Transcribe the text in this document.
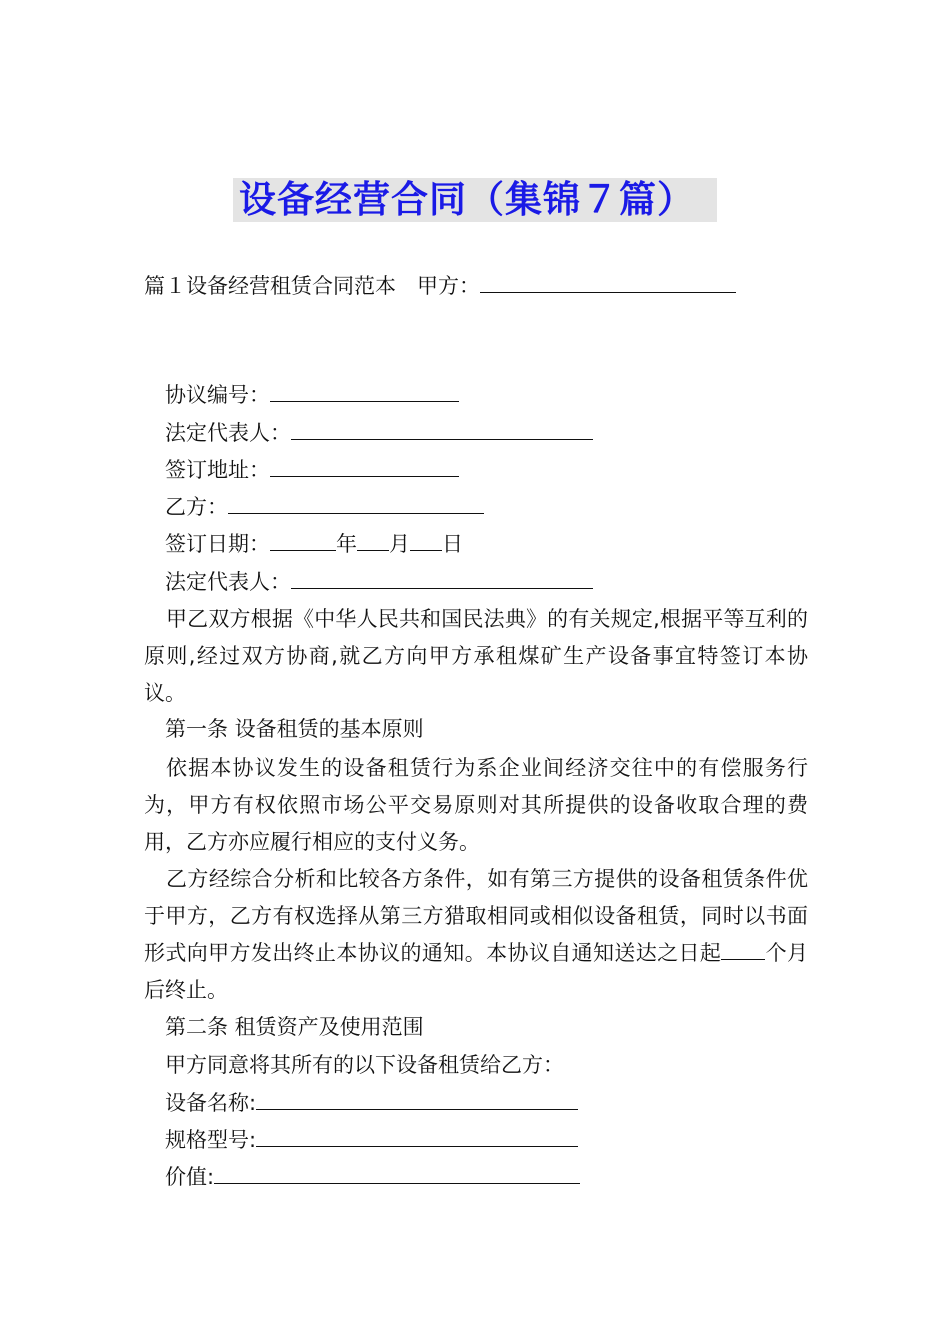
设备经营合同（集锦７篇）
篇１设备经营租赁合同范本　甲方：
协议编号：
法定代表人：
签订地址：
乙方：
签订日期：	年 月 日
法定代表人：
甲乙双方根据《中华人民共和国民法典》的有关规定,根据平等互利的原则,经过双方协商,就乙方向甲方承租煤矿生产设备事宜特签订本协议。
第一条 设备租赁的基本原则
依据本协议发生的设备租赁行为系企业间经济交往中的有偿服务行为，甲方有权依照市场公平交易原则对其所提供的设备收取合理的费用，乙方亦应履行相应的支付义务。
乙方经综合分析和比较各方条件，如有第三方提供的设备租赁条件优于甲方，乙方有权选择从第三方猎取相同或相似设备租赁，同时以书面形式向甲方发出终止本协议的通知。本协议自通知送达之日起 个月后终止。
第二条 租赁资产及使用范围
甲方同意将其所有的以下设备租赁给乙方：
设备名称:
规格型号:
价值:
